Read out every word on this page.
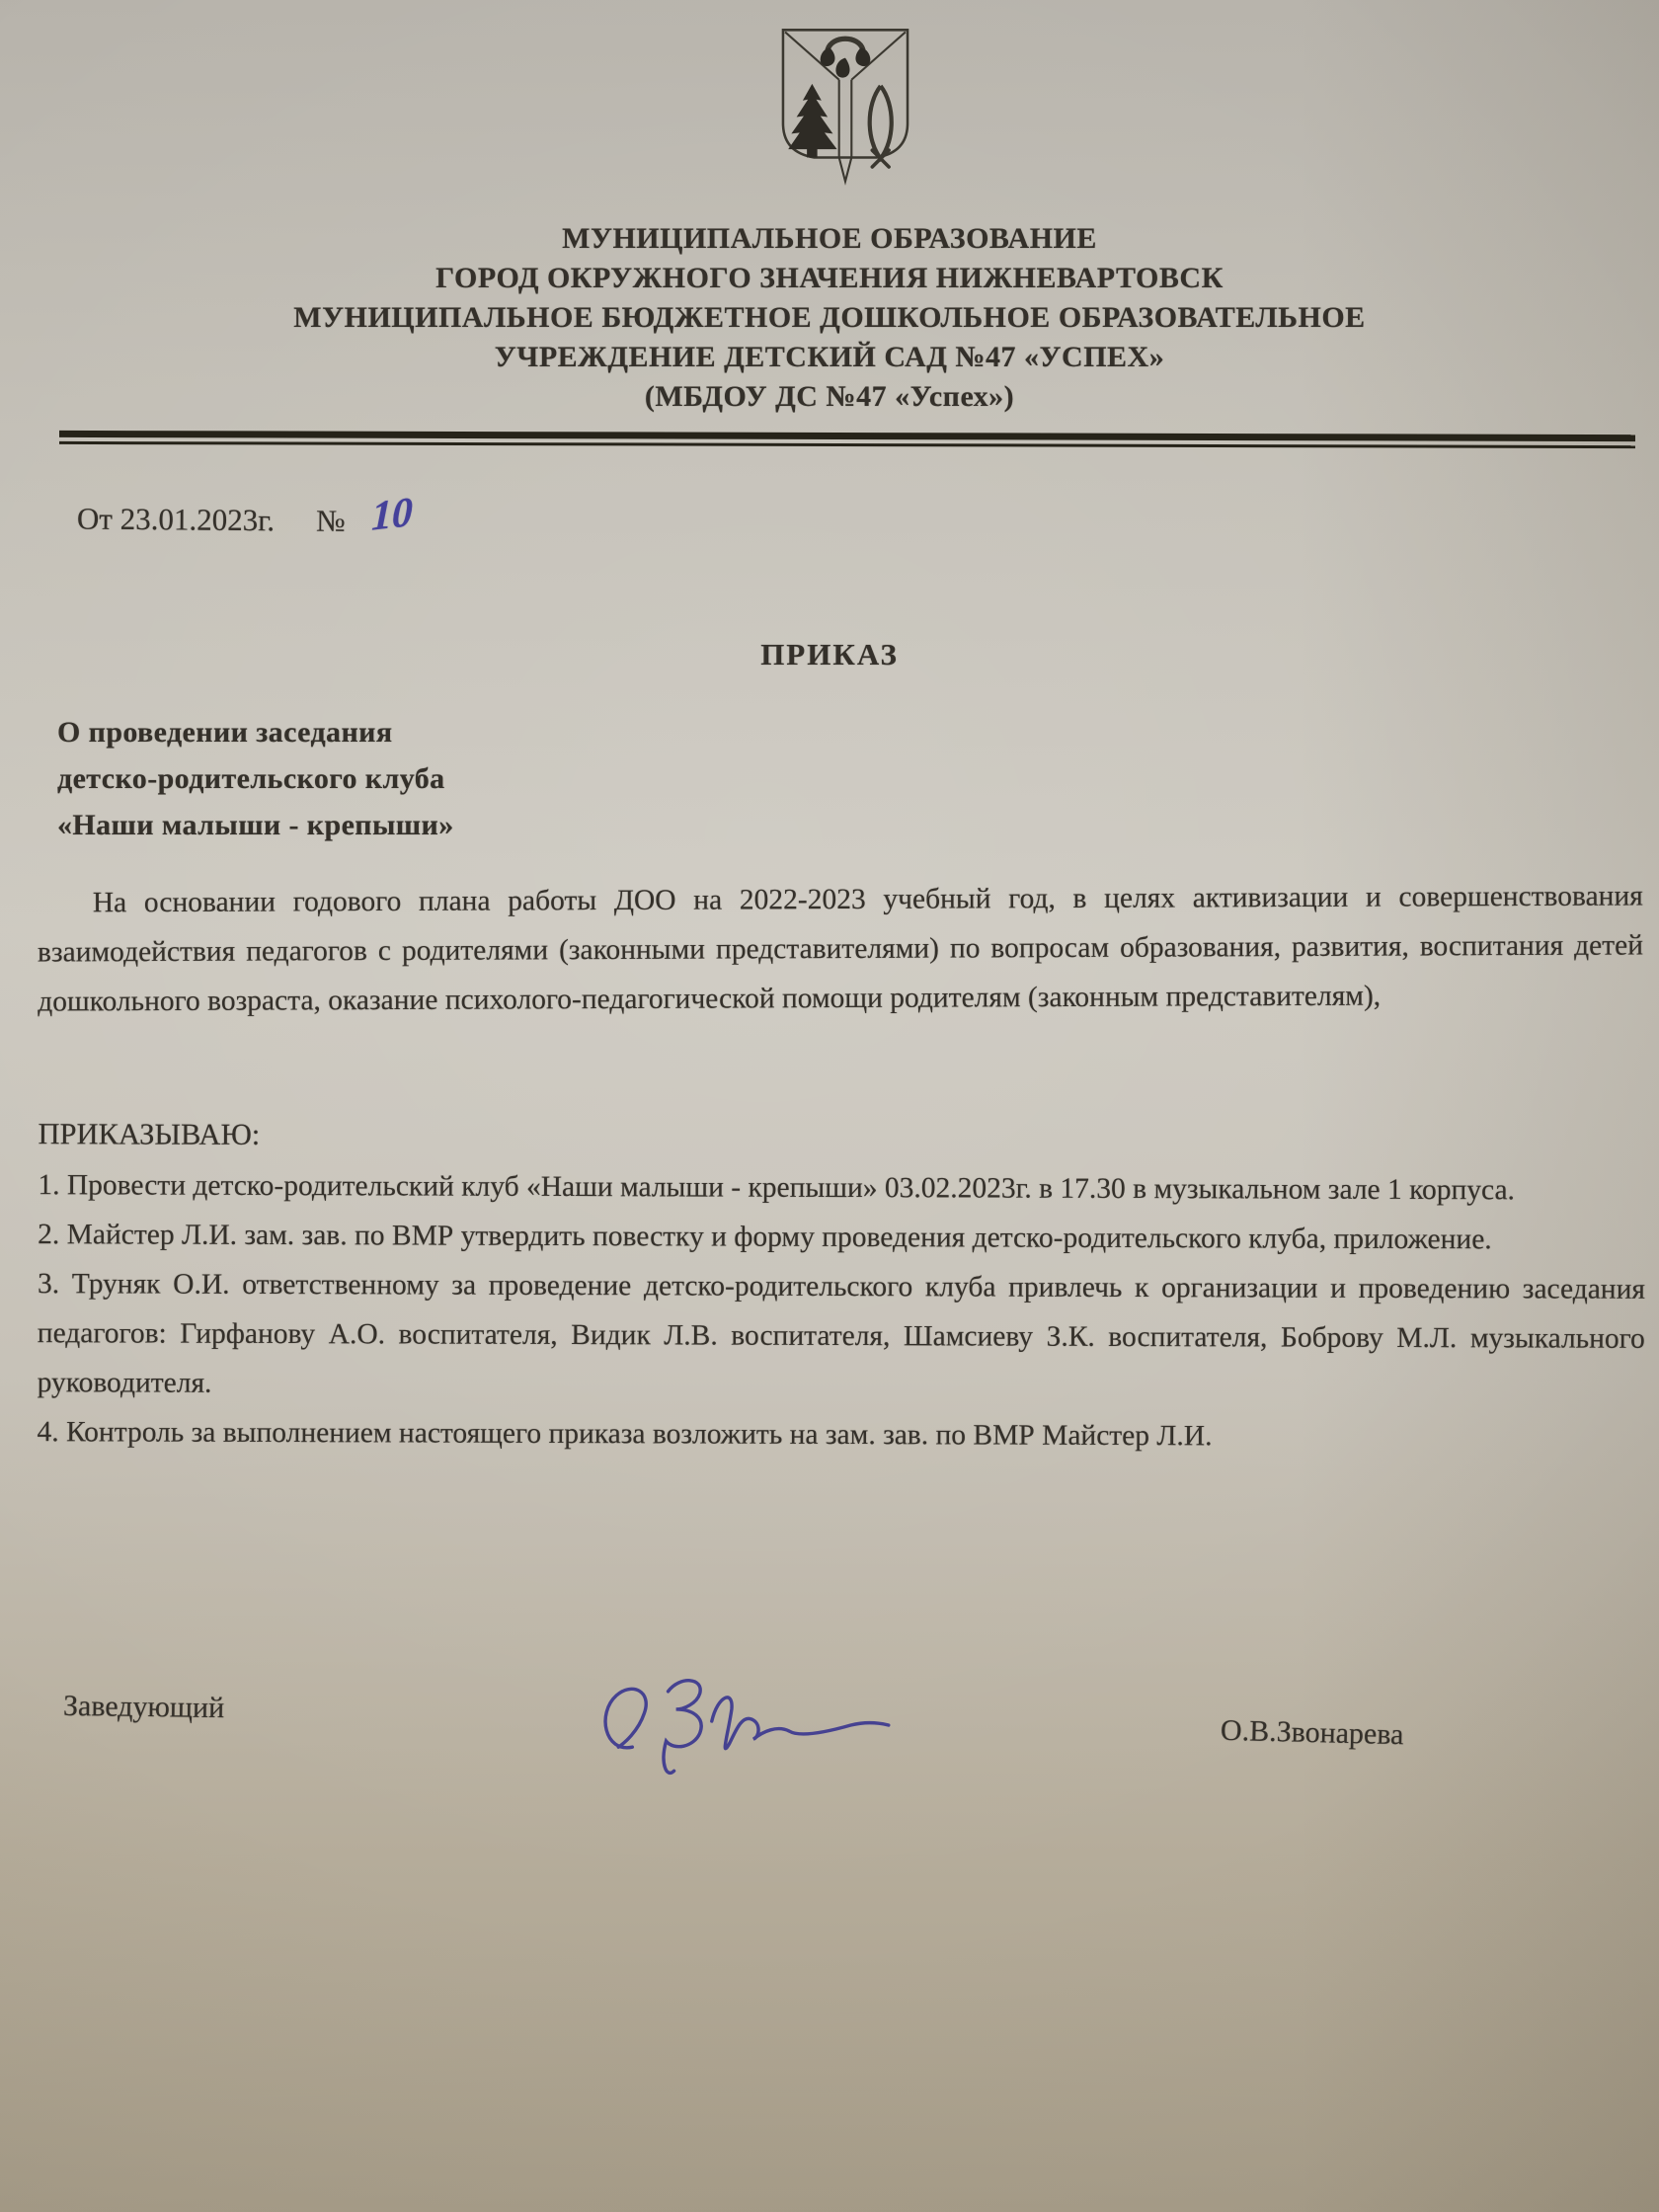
МУНИЦИПАЛЬНОЕ ОБРАЗОВАНИЕ
ГОРОД ОКРУЖНОГО ЗНАЧЕНИЯ НИЖНЕВАРТОВСК
МУНИЦИПАЛЬНОЕ БЮДЖЕТНОЕ ДОШКОЛЬНОЕ ОБРАЗОВАТЕЛЬНОЕ
УЧРЕЖДЕНИЕ ДЕТСКИЙ САД №47 «УСПЕХ»
(МБДОУ ДС №47 «Успех»)
От 23.01.2023г. № 10
ПРИКАЗ
О проведении заседания
детско-родительского клуба
«Наши малыши - крепыши»
На основании годового плана работы ДОО на 2022-2023 учебный год, в целях активизации и совершенствования взаимодействия педагогов с родителями (законными представителями) по вопросам образования, развития, воспитания детей дошкольного возраста, оказание психолого-педагогической помощи родителям (законным представителям),
ПРИКАЗЫВАЮ:

1. Провести детско-родительский клуб «Наши малыши - крепыши» 03.02.2023г. в 17.30 в музыкальном зале 1 корпуса.

2. Майстер Л.И. зам. зав. по ВМР утвердить повестку и форму проведения детско-родительского клуба, приложение.

3. Труняк О.И. ответственному за проведение детско-родительского клуба привлечь к организации и проведению заседания педагогов: Гирфанову А.О. воспитателя, Видик Л.В. воспитателя, Шамсиеву З.К. воспитателя, Боброву М.Л. музыкального руководителя.

4. Контроль за выполнением настоящего приказа возложить на зам. зав. по ВМР Майстер Л.И.

Заведующий
О.В.Звонарева
